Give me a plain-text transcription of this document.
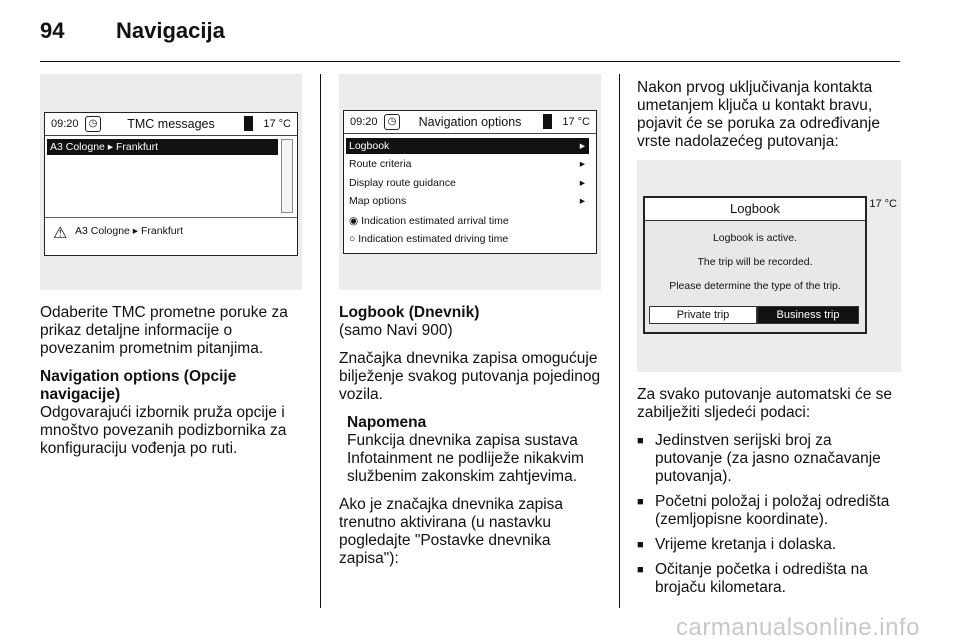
94 Navigacija
09:20	◷	TMC messages	17 °C
A3 Cologne ▸ Frankfurt
⚠ A3 Cologne ▸ Frankfurt

Odaberite TMC prometne poruke za prikaz detaljne informacije o povezanim prometnim pitanjima.

Navigation options (Opcije navigacije)

Odgovarajući izbornik pruža opcije i mnoštvo povezanih podizbornika za konfiguraciju vođenja po ruti.

09:20	◷	Navigation options	17 °C
Logbook	▸
Route criteria	▸
Display route guidance	▸
Map options	▸
◉ Indication estimated arrival time
○ Indication estimated driving time

Logbook (Dnevnik)

(samo Navi 900)

Značajka dnevnika zapisa omogućuje bilježenje svakog putovanja pojedinog vozila.

Napomena

Funkcija dnevnika zapisa sustava Infotainment ne podliježe nikakvim službenim zakonskim zahtjevima.

Ako je značajka dnevnika zapisa trenutno aktivirana (u nastavku pogledajte "Postavke dnevnika zapisa"):

Nakon prvog uključivanja kontakta umetanjem ključa u kontakt bravu, pojavit će se poruka za određivanje vrste nadolazećeg putovanja:

17 °C
Logbook
Logbook is active.
The trip will be recorded.
Please determine the type of the trip.
Private trip	Business trip

Za svako putovanje automatski će se zabilježiti sljedeći podaci:

■ Jedinstven serijski broj za putovanje (za jasno označavanje putovanja).
■ Početni položaj i položaj odredišta (zemljopisne koordinate).
■ Vrijeme kretanja i dolaska.
■ Očitanje početka i odredišta na brojaču kilometara.
carmanualsonline.info
